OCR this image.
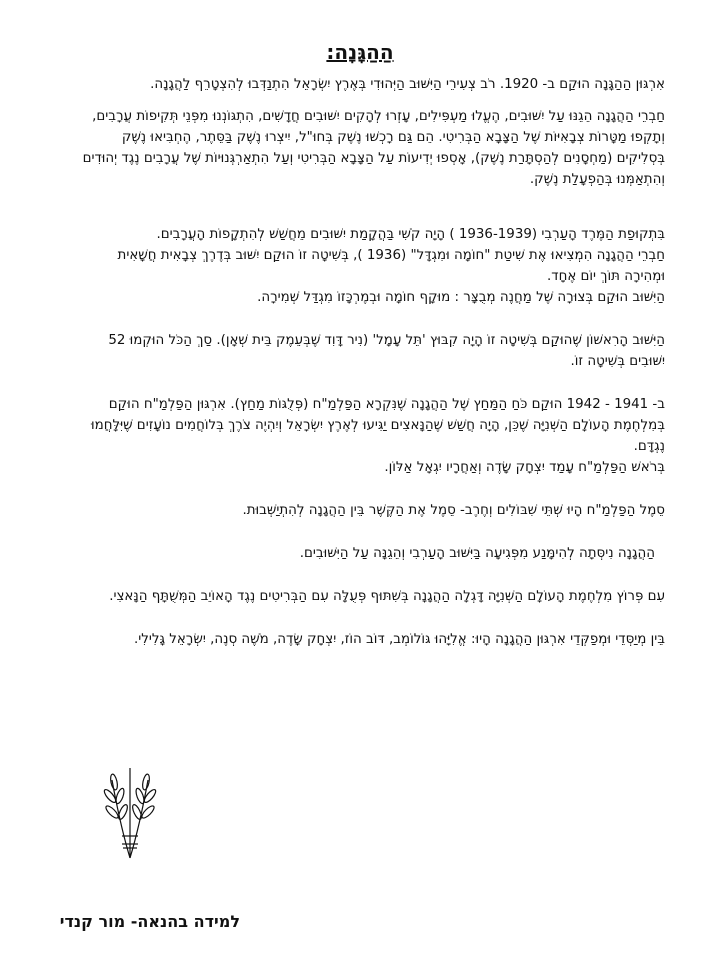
הַהַגָּנָה:

אִרְגּוּן הַהַגָּנָה הוּקַם ב- 1920. רֹב צְעִירֵי הַיִּשּׁוּב הַיְּהוּדִי בְּאֶרֶץ יִשְׂרָאֵל הִתְנַדְּבוּ לְהִצְטָרֵף לַהֲגָנָה.

חַבְרֵי הַהֲגָנָה הֵגֵנּוּ עַל יִשּׁוּבִים, הֶעֱלוּ מַעְפִּילִים, עָזְרוּ לְהָקִים יִשּׁוּבִים חֲדָשִׁים, הִתְגּוֹנְנוּ מִפְּנֵי תְּקִיפוֹת עֲרָבִים, וְתָקְפוּ מַטָּרוֹת צְבָאִיּוֹת שֶׁל הַצָּבָא הַבְּרִיטִי. הֵם גַּם רָכְשׁוּ נֶשֶׁק בְּחוּ"ל, יִיצְרוּ נֶשֶׁק בַּסֵּתֶר, הֶחְבִּיאוּ נֶשֶׁק בְּסְלִיקִים (מַחְסָנִים לְהַסְתָּרַת נֶשֶׁק), אָסְפוּ יְדִיעוֹת עַל הַצָּבָא הַבְּרִיטִי וְעַל הִתְאַרְגְּנוּיוֹת שֶׁל עֲרָבִים נֶגֶד יְהוּדִים וְהִתְאַמְּנוּ בְּהַפְעָלַת נֶשֶׁק.

בִּתְקוּפַת הַמֶּרֶד הָעַרְבִי (1936-1939 ) הָיָה קֹשִׁי בַּהֲקָמַת יִשּׁוּבִים מֵחֲשַׁשׁ לְהִתְקָפוֹת הָעֲרָבִים.

חַבְרֵי הַהֲגָנָה הִמְצִיאוּ אֶת שִׁיטַת "חוֹמָה וּמִגְדָּל" (1936 ), בְּשִׁיטָה זוֹ הוּקַם יִשּׁוּב בְּדֶרֶךְ צְבָאִית חֲשָׁאִית וּמְהִירָה תּוֹךְ יוֹם אֶחָד.

הַיִּשּׁוּב הוּקַם בְּצוּרָה שֶׁל מַחֲנֶה מְבֻצָּר : מוּקָף חוֹמָה וּבְמֶרְכָּזוֹ מִגְדַּל שְׁמִירָה.

הַיִּשּׁוּב הָרִאשׁוֹן שֶׁהוּקַם בְּשִׁיטָה זוֹ הָיָה קִבּוּץ 'תֵּל עָמָל' (נִיר דָּוִד שֶׁבְּעֵמֶק בֵּית שְׁאָן). סַךְ הַכֹּל הוּקְמוּ 52 יִשּׁוּבִים בְּשִׁיטָה זוֹ.

ב- 1941 - 1942 הוּקַם כֹּחַ הַמַּחַץ שֶׁל הַהֲגָנָה שֶׁנִּקְרָא הַפַּלְמַ"ח (פְּלֻגּוֹת מַחַץ). אִרְגּוּן הַפַּלְמַ"ח הוּקַם בְּמִלְחֶמֶת הָעוֹלָם הַשְּׁנִיָּה שֶׁכֵּן, הָיָה חֲשַׁשׁ שֶׁהַנָּאצִים יַגִּיעוּ לְאֶרֶץ יִשְׂרָאֵל וְיִהְיֶה צֹרֶךְ בְּלוֹחֲמִים נוֹעָזִים שֶׁיִּלָּחֲמוּ נֶגְדָּם.

בְּרֹאשׁ הַפַּלְמַ"ח עָמַד יִצְחָק שָׂדֶה וְאַחֲרָיו יִגְאָל אַלּוֹן.

סֵמֶל הַפַּלְמַ"ח הָיוּ שְׁתֵּי שִׁבּוֹלִים וְחֶרֶב- סֵמֶל אֶת הַקֶּשֶׁר בֵּין הַהֲגָנָה לְהִתְיַשְּׁבוּת.

הַהֲגָנָה נִיסְּתָה לְהִימָּנַע מִפְּגִיעָה בַּיִּשּׁוּב הָעַרְבִי וְהֵגֵנָּה עַל הַיִּשּׁוּבִים.

עִם פְּרוֹץ מִלְחֶמֶת הָעוֹלָם הַשְּׁנִיָּה דָּגְלָה הַהֲגָנָה בְּשִׁתּוּף פְּעֻלָּה עִם הַבְּרִיטִים נֶגֶד הָאוֹיֵב הַמְּשֻׁתָּף הַנָּאצִי.

בֵּין מְיַסְּדֵי וּמְפַקְּדֵי אִרְגּוּן הַהֲגָנָה הָיוּ: אֱלִיָּהוּ גּוֹלוֹמְב, דּוֹב הוֹז, יִצְחָק שָׂדֶה, מֹשֶׁה סְנֶה, יִשְׂרָאֵל גָּלִילִי.

למידה בהנאה- מור קנדי
